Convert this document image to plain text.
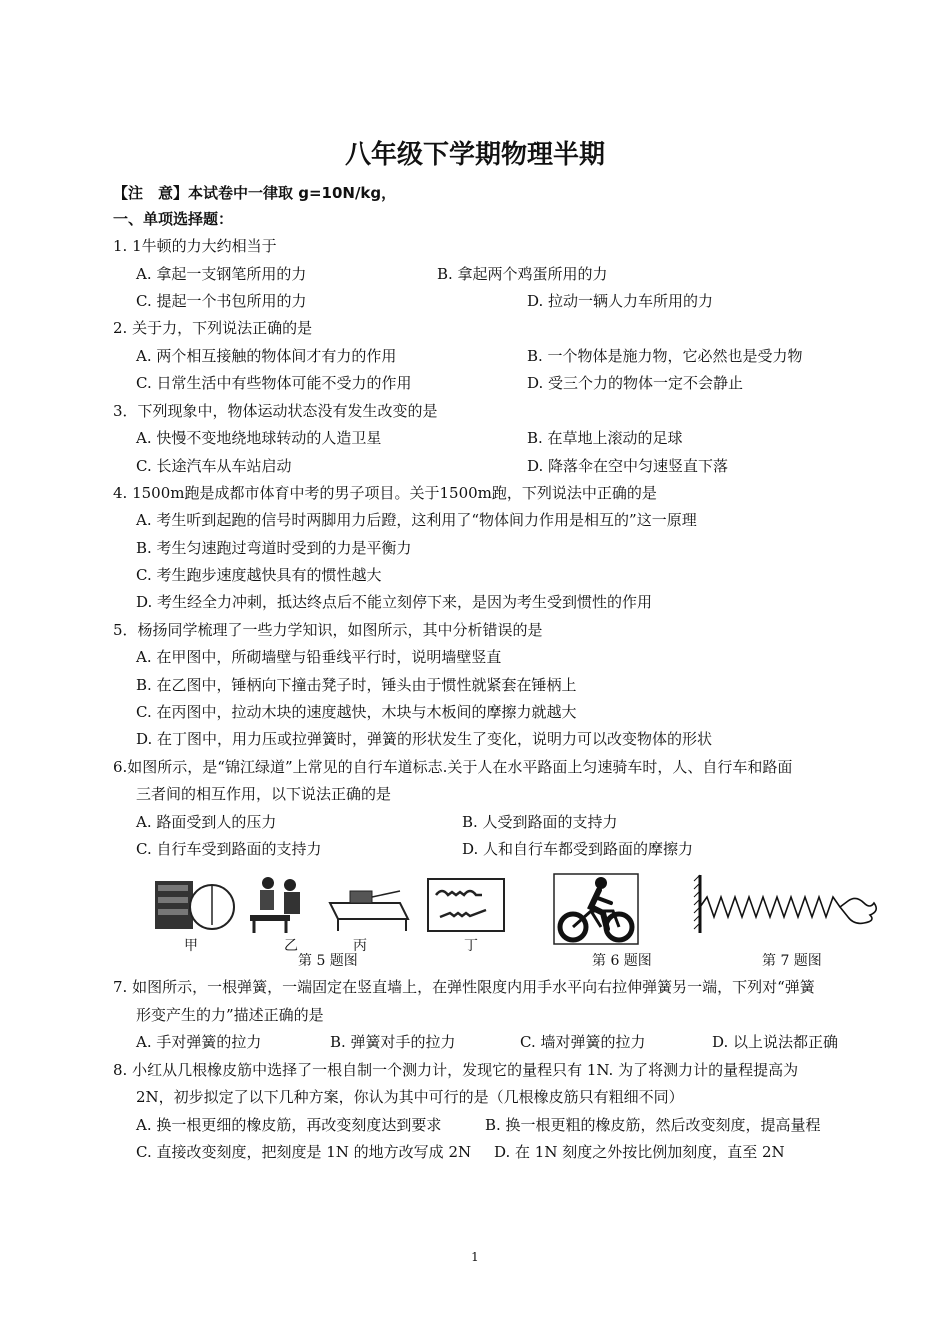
八年级下学期物理半期
【注　意】本试卷中一律取 g=10N/kg，
一、单项选择题：
1. 1牛顿的力大约相当于
A. 拿起一支钢笔所用的力	B. 拿起两个鸡蛋所用的力
C. 提起一个书包所用的力	D. 拉动一辆人力车所用的力
2. 关于力，下列说法正确的是
A. 两个相互接触的物体间才有力的作用	B. 一个物体是施力物，它必然也是受力物
C. 日常生活中有些物体可能不受力的作用	D. 受三个力的物体一定不会静止
3．下列现象中，物体运动状态没有发生改变的是
A. 快慢不变地绕地球转动的人造卫星	B. 在草地上滚动的足球
C. 长途汽车从车站启动	D. 降落伞在空中匀速竖直下落
4. 1500m跑是成都市体育中考的男子项目。关于1500m跑，下列说法中正确的是
A. 考生听到起跑的信号时两脚用力后蹬，这利用了“物体间力作用是相互的”这一原理
B. 考生匀速跑过弯道时受到的力是平衡力
C. 考生跑步速度越快具有的惯性越大
D. 考生经全力冲刺，抵达终点后不能立刻停下来，是因为考生受到惯性的作用
5．杨扬同学梳理了一些力学知识，如图所示，其中分析错误的是
A. 在甲图中，所砌墙壁与铅垂线平行时，说明墙壁竖直
B. 在乙图中，锤柄向下撞击凳子时，锤头由于惯性就紧套在锤柄上
C. 在丙图中，拉动木块的速度越快，木块与木板间的摩擦力就越大
D. 在丁图中，用力压或拉弹簧时，弹簧的形状发生了变化，说明力可以改变物体的形状
6.如图所示，是“锦江绿道”上常见的自行车道标志.关于人在水平路面上匀速骑车时，人、自行车和路面
三者间的相互作用，以下说法正确的是
A. 路面受到人的压力	B. 人受到路面的支持力
C. 自行车受到路面的支持力	D. 人和自行车都受到路面的摩擦力
甲	乙	丙	丁
第 5 题图	第 6 题图	第 7 题图
7. 如图所示，一根弹簧，一端固定在竖直墙上，在弹性限度内用手水平向右拉伸弹簧另一端，下列对“弹簧
形变产生的力”描述正确的是
A. 手对弹簧的拉力	B. 弹簧对手的拉力	C. 墙对弹簧的拉力	D. 以上说法都正确
8. 小红从几根橡皮筋中选择了一根自制一个测力计，发现它的量程只有 1N. 为了将测力计的量程提高为
2N，初步拟定了以下几种方案，你认为其中可行的是（几根橡皮筋只有粗细不同）
A. 换一根更细的橡皮筋，再改变刻度达到要求	B. 换一根更粗的橡皮筋，然后改变刻度，提高量程
C. 直接改变刻度，把刻度是 1N 的地方改写成 2N D. 在 1N 刻度之外按比例加刻度，直至 2N
1
